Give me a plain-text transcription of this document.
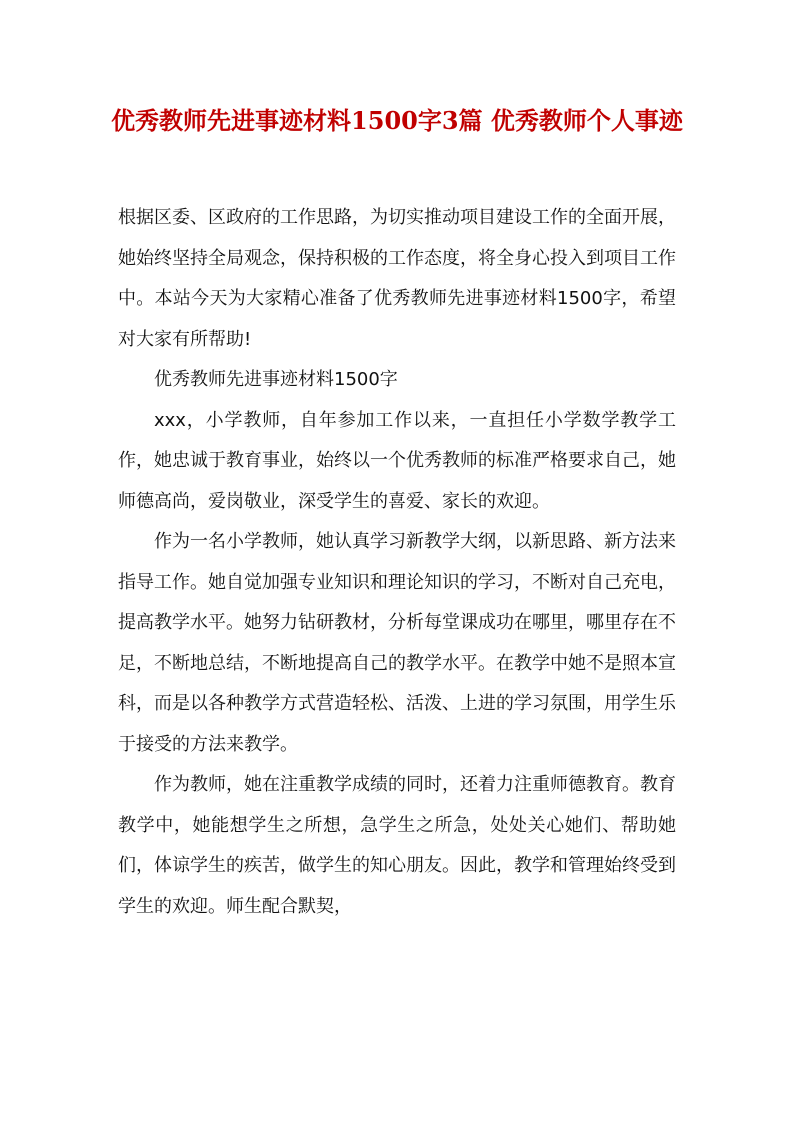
优秀教师先进事迹材料1500字3篇 优秀教师个人事迹

根据区委、区政府的工作思路，为切实推动项目建设工作的全面开展，她始终坚持全局观念，保持积极的工作态度，将全身心投入到项目工作中。本站今天为大家精心准备了优秀教师先进事迹材料1500字，希望对大家有所帮助!

优秀教师先进事迹材料1500字

xxx，小学教师，自年参加工作以来，一直担任小学数学教学工作，她忠诚于教育事业，始终以一个优秀教师的标准严格要求自己，她师德高尚，爱岗敬业，深受学生的喜爱、家长的欢迎。

作为一名小学教师，她认真学习新教学大纲，以新思路、新方法来指导工作。她自觉加强专业知识和理论知识的学习，不断对自己充电，提高教学水平。她努力钻研教材，分析每堂课成功在哪里，哪里存在不足，不断地总结，不断地提高自己的教学水平。在教学中她不是照本宣科，而是以各种教学方式营造轻松、活泼、上进的学习氛围，用学生乐于接受的方法来教学。

作为教师，她在注重教学成绩的同时，还着力注重师德教育。教育教学中，她能想学生之所想，急学生之所急，处处关心她们、帮助她们，体谅学生的疾苦，做学生的知心朋友。因此，教学和管理始终受到学生的欢迎。师生配合默契，
